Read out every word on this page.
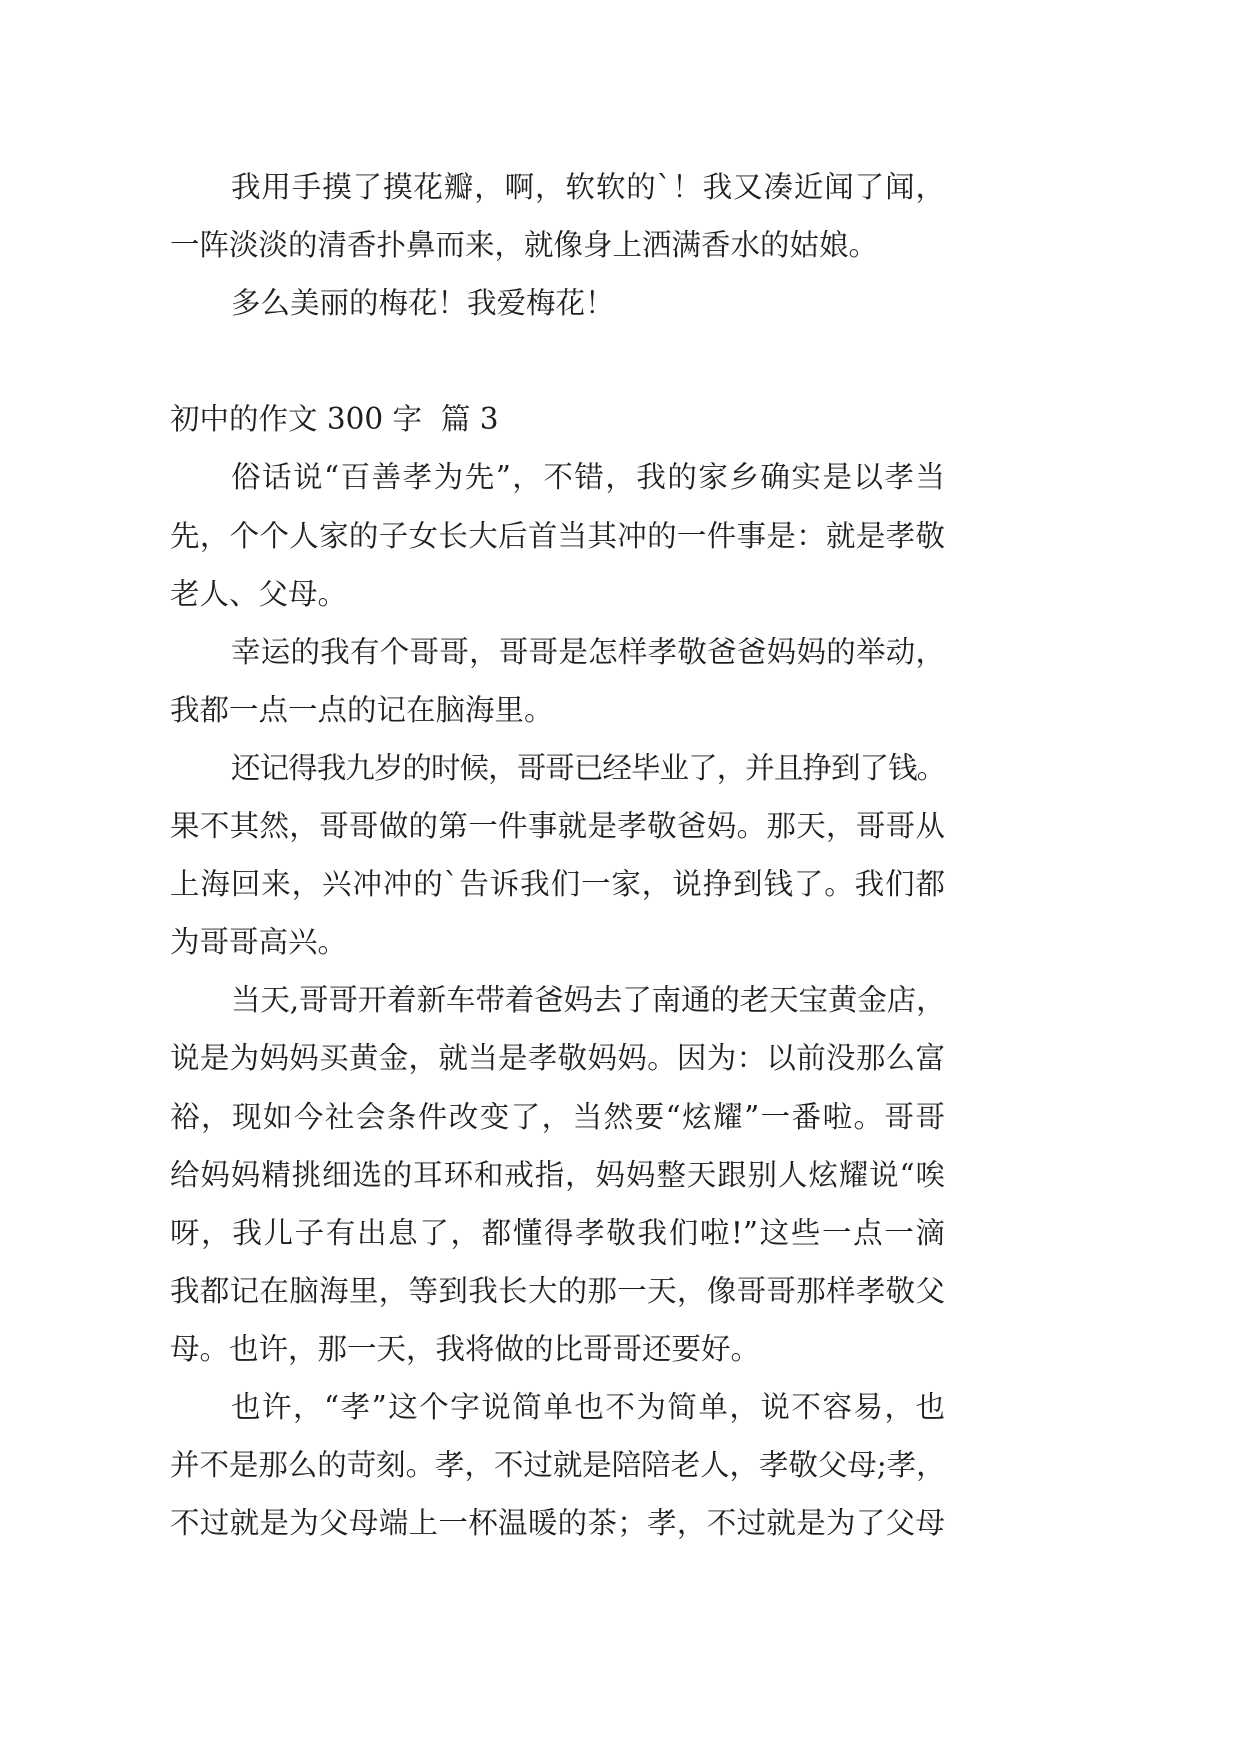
我用手摸了摸花瓣，啊，软软的`！我又凑近闻了闻，
一阵淡淡的清香扑鼻而来，就像身上洒满香水的姑娘。
多么美丽的梅花！我爱梅花！
初中的作文 300 字  篇 3
俗话说“百善孝为先”，不错，我的家乡确实是以孝当
先，个个人家的子女长大后首当其冲的一件事是：就是孝敬
老人、父母。
幸运的我有个哥哥，哥哥是怎样孝敬爸爸妈妈的举动，
我都一点一点的记在脑海里。
还记得我九岁的时候，哥哥已经毕业了，并且挣到了钱。
果不其然，哥哥做的第一件事就是孝敬爸妈。那天，哥哥从
上海回来，兴冲冲的`告诉我们一家，说挣到钱了。我们都
为哥哥高兴。
当天,哥哥开着新车带着爸妈去了南通的老天宝黄金店，
说是为妈妈买黄金，就当是孝敬妈妈。因为：以前没那么富
裕，现如今社会条件改变了，当然要“炫耀”一番啦。哥哥
给妈妈精挑细选的耳环和戒指，妈妈整天跟别人炫耀说“唉
呀，我儿子有出息了，都懂得孝敬我们啦!”这些一点一滴
我都记在脑海里，等到我长大的那一天，像哥哥那样孝敬父
母。也许，那一天，我将做的比哥哥还要好。
也许，“孝”这个字说简单也不为简单，说不容易，也
并不是那么的苛刻。孝，不过就是陪陪老人，孝敬父母;孝，
不过就是为父母端上一杯温暖的茶；孝，不过就是为了父母
